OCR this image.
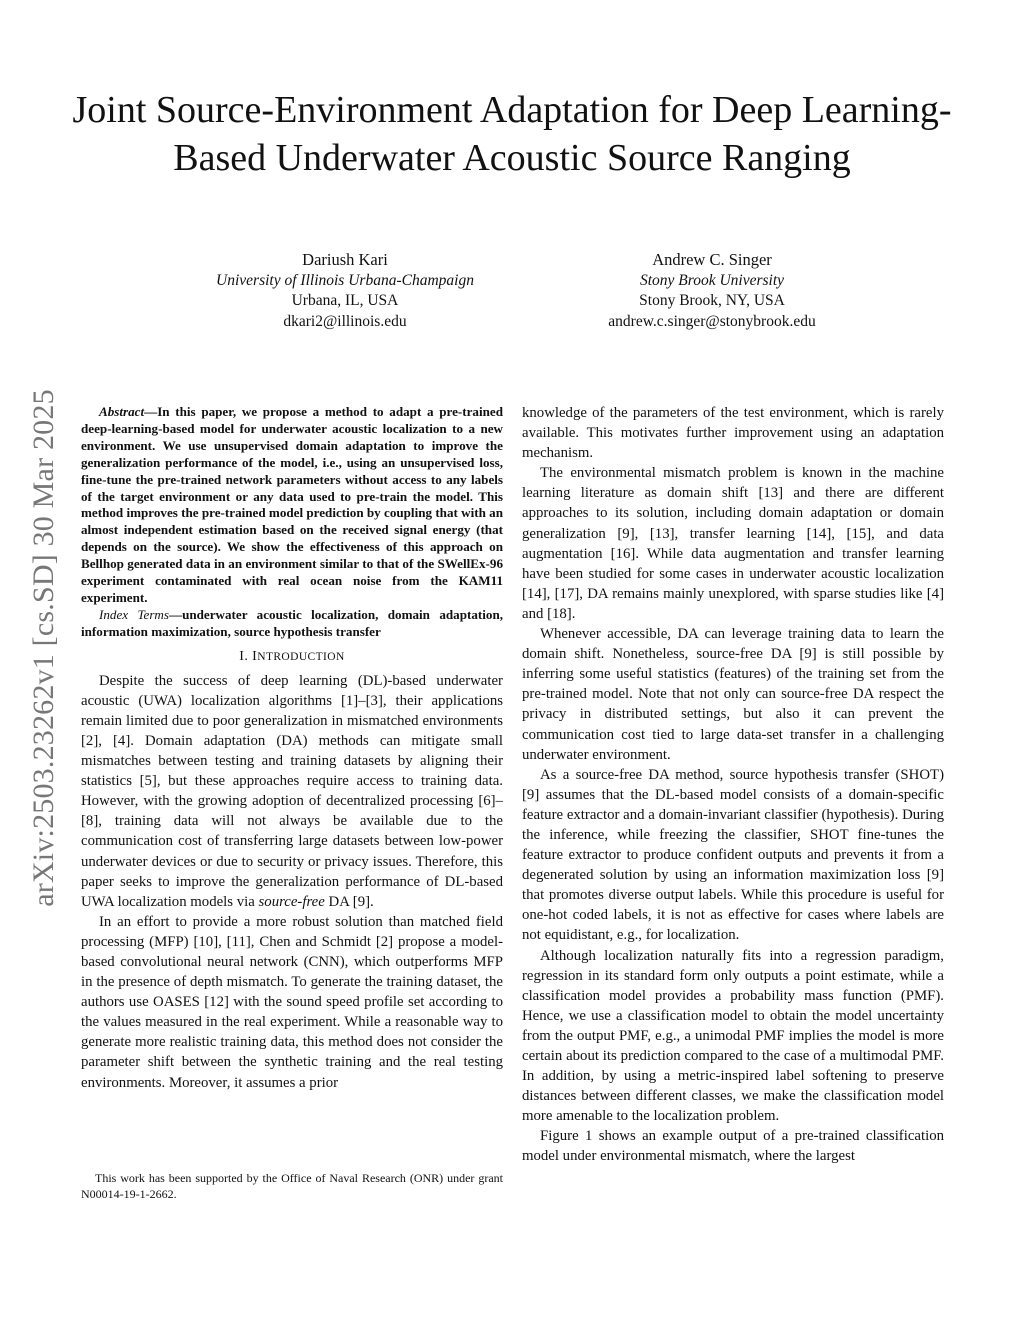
Joint Source-Environment Adaptation for Deep Learning-Based Underwater Acoustic Source Ranging
Dariush Kari
University of Illinois Urbana-Champaign
Urbana, IL, USA
dkari2@illinois.edu
Andrew C. Singer
Stony Brook University
Stony Brook, NY, USA
andrew.c.singer@stonybrook.edu
arXiv:2503.23262v1 [cs.SD] 30 Mar 2025	Abstract—In this paper, we propose a method to adapt a pre-trained deep-learning-based model for underwater acoustic localization to a new environment. We use unsupervised domain adaptation to improve the generalization performance of the model, i.e., using an unsupervised loss, fine-tune the pre-trained network parameters without access to any labels of the target environment or any data used to pre-train the model. This method improves the pre-trained model prediction by coupling that with an almost independent estimation based on the received signal energy (that depends on the source). We show the effectiveness of this approach on Bellhop generated data in an environment similar to that of the SWellEx-96 experiment contaminated with real ocean noise from the KAM11 experiment.

Index Terms—underwater acoustic localization, domain adaptation, information maximization, source hypothesis transfer

I. INTRODUCTION

Despite the success of deep learning (DL)-based underwater acoustic (UWA) localization algorithms [1]–[3], their applications remain limited due to poor generalization in mismatched environments [2], [4]. Domain adaptation (DA) methods can mitigate small mismatches between testing and training datasets by aligning their statistics [5], but these approaches require access to training data. However, with the growing adoption of decentralized processing [6]–[8], training data will not always be available due to the communication cost of transferring large datasets between low-power underwater devices or due to security or privacy issues. Therefore, this paper seeks to improve the generalization performance of DL-based UWA localization models via source-free DA [9].

In an effort to provide a more robust solution than matched field processing (MFP) [10], [11], Chen and Schmidt [2] propose a model-based convolutional neural network (CNN), which outperforms MFP in the presence of depth mismatch. To generate the training dataset, the authors use OASES [12] with the sound speed profile set according to the values measured in the real experiment. While a reasonable way to generate more realistic training data, this method does not consider the parameter shift between the synthetic training and the real testing environments. Moreover, it assumes a prior

This work has been supported by the Office of Naval Research (ONR) under grant N00014-19-1-2662.

knowledge of the parameters of the test environment, which is rarely available. This motivates further improvement using an adaptation mechanism.

The environmental mismatch problem is known in the machine learning literature as domain shift [13] and there are different approaches to its solution, including domain adaptation or domain generalization [9], [13], transfer learning [14], [15], and data augmentation [16]. While data augmentation and transfer learning have been studied for some cases in underwater acoustic localization [14], [17], DA remains mainly unexplored, with sparse studies like [4] and [18].

Whenever accessible, DA can leverage training data to learn the domain shift. Nonetheless, source-free DA [9] is still possible by inferring some useful statistics (features) of the training set from the pre-trained model. Note that not only can source-free DA respect the privacy in distributed settings, but also it can prevent the communication cost tied to large data-set transfer in a challenging underwater environment.

As a source-free DA method, source hypothesis transfer (SHOT) [9] assumes that the DL-based model consists of a domain-specific feature extractor and a domain-invariant classifier (hypothesis). During the inference, while freezing the classifier, SHOT fine-tunes the feature extractor to produce confident outputs and prevents it from a degenerated solution by using an information maximization loss [9] that promotes diverse output labels. While this procedure is useful for one-hot coded labels, it is not as effective for cases where labels are not equidistant, e.g., for localization.

Although localization naturally fits into a regression paradigm, regression in its standard form only outputs a point estimate, while a classification model provides a probability mass function (PMF). Hence, we use a classification model to obtain the model uncertainty from the output PMF, e.g., a unimodal PMF implies the model is more certain about its prediction compared to the case of a multimodal PMF. In addition, by using a metric-inspired label softening to preserve distances between different classes, we make the classification model more amenable to the localization problem.

Figure 1 shows an example output of a pre-trained classification model under environmental mismatch, where the largest
